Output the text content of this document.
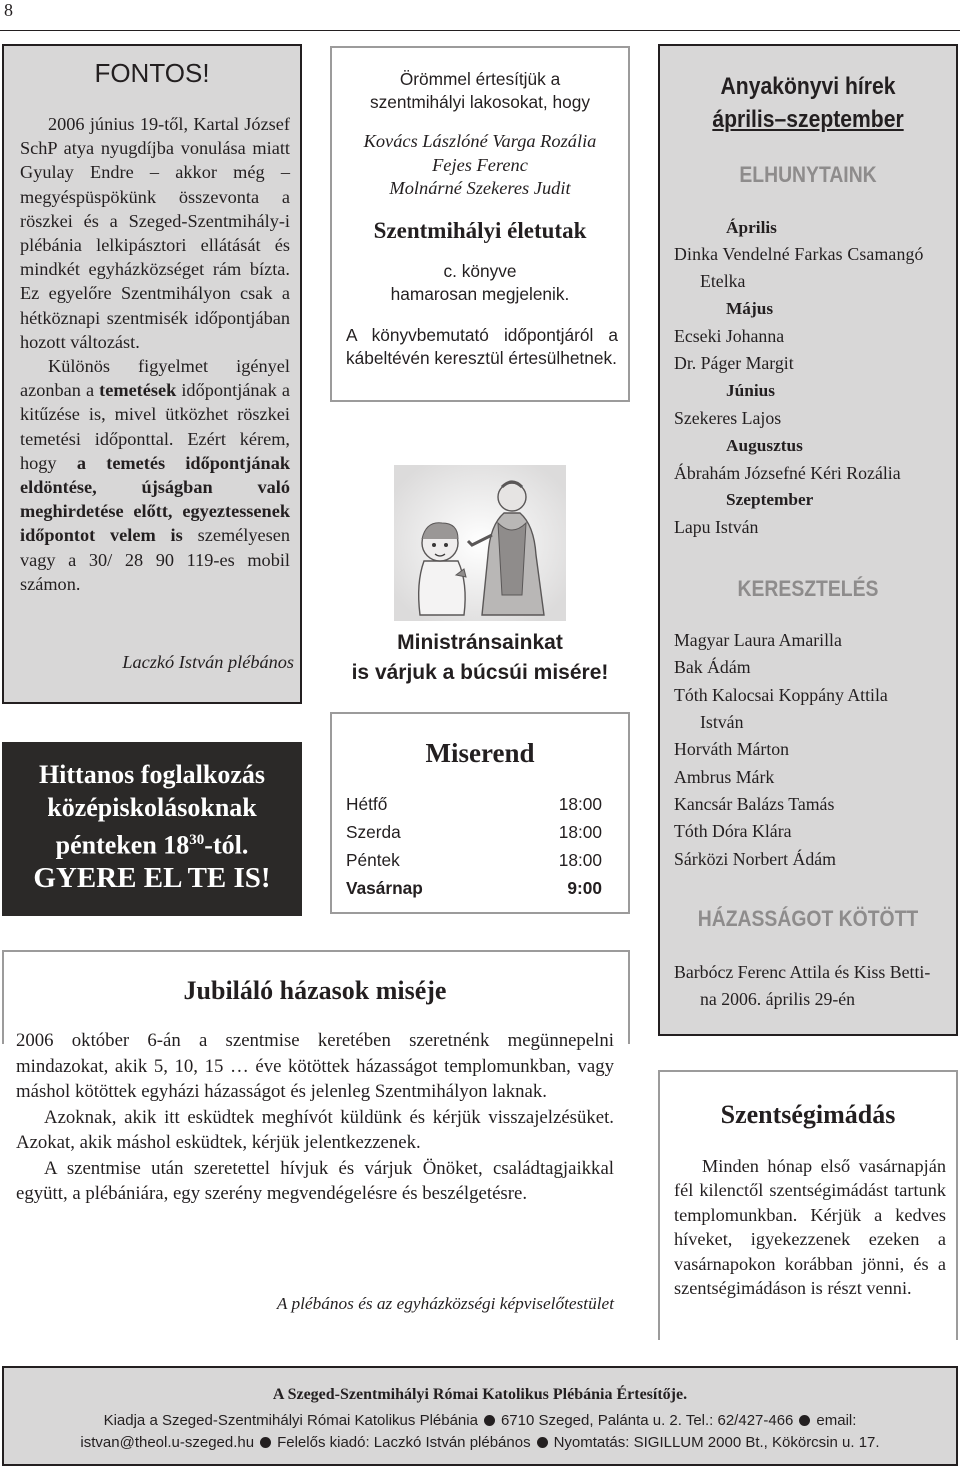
8
FONTOS!

2006 június 19-től, Kartal József SchP atya nyugdíjba vonulása miatt Gyulay Endre – akkor még – megyéspüspökünk összevonta a röszkei és a Szeged-Szentmihály-i plébánia lelkipásztori ellátását és mindkét egyházközséget rám bízta. Ez egyelőre Szentmihályon csak a hétköznapi szentmisék időpontjában hozott változást.

Különös figyelmet igényel azonban a temetések időpontjának a kitűzése is, mivel ütközhet röszkei temetési időponttal. Ezért kérem, hogy a temetés időpontjának eldöntése, újságban való meghirdetése előtt, egyeztessenek időpontot velem is személyesen vagy a 30/ 28 90 119-es mobil számon.

Laczkó István plébános
Hittanos foglalkozás
középiskolásoknak
pénteken $18^{30}$-tól.
GYERE EL TE IS!
Örömmel értesítjük a
szentmihályi lakosokat, hogy
Kovács Lászlóné Varga Rozália
Fejes Ferenc
Molnárné Szekeres Judit
Szentmihályi életutak
c. könyve
hamarosan megjelenik.
A könyvbemutató időpontjáról a kábeltévén keresztül értesülhetnek.
Ministránsainkat
is várjuk a búcsúi misére!
Miserend
Hétfő	18:00
Szerda	18:00
Péntek	18:00
Vasárnap	9:00
Anyakönyvi hírek
április–szeptember
ELHUNYTAINK
Április
Dinka Vendelné Farkas Csamangó
Etelka
Május
Ecseki Johanna
Dr. Páger Margit
Június
Szekeres Lajos
Augusztus
Ábrahám Józsefné Kéri Rozália
Szeptember
Lapu István
KERESZTELÉS
Magyar Laura Amarilla
Bak Ádám
Tóth Kalocsai Koppány Attila
István
Horváth Márton
Ambrus Márk
Kancsár Balázs Tamás
Tóth Dóra Klára
Sárközi Norbert Ádám
HÁZASSÁGOT KÖTÖTT
Barbócz Ferenc Attila és Kiss Betti-
na 2006. április 29-én
Jubiláló házasok miséje

2006 október 6-án a szentmise keretében szeretnénk megünnepelni mindazokat, akik 5, 10, 15 … éve kötöttek házasságot templomunkban, vagy máshol kötöttek egyházi házasságot és jelenleg Szentmihályon laknak.

Azoknak, akik itt esküdtek meghívót küldünk és kérjük visszajelzésüket. Azokat, akik máshol esküdtek, kérjük jelentkezzenek.

A szentmise után szeretettel hívjuk és várjuk Önöket, családtagjaikkal együtt, a plébániára, egy szerény megvendégelésre és beszélgetésre.

A plébános és az egyházközségi képviselőtestület
Szentségimádás

Minden hónap első vasárnapján fél kilenctől szentségimádást tartunk templomunkban. Kérjük a kedves híveket, igyekezzenek ezeken a vasárnapokon korábban jönni, és a szentségimádáson is részt venni.

A Szeged-Szentmihályi Római Katolikus Plébánia Értesítője.
Kiadja a Szeged-Szentmihályi Római Katolikus Plébánia 6710 Szeged, Palánta u. 2. Tel.: 62/427-466 email:
istvan@theol.u-szeged.hu Felelős kiadó: Laczkó István plébános Nyomtatás: SIGILLUM 2000 Bt., Kökörcsin u. 17.
